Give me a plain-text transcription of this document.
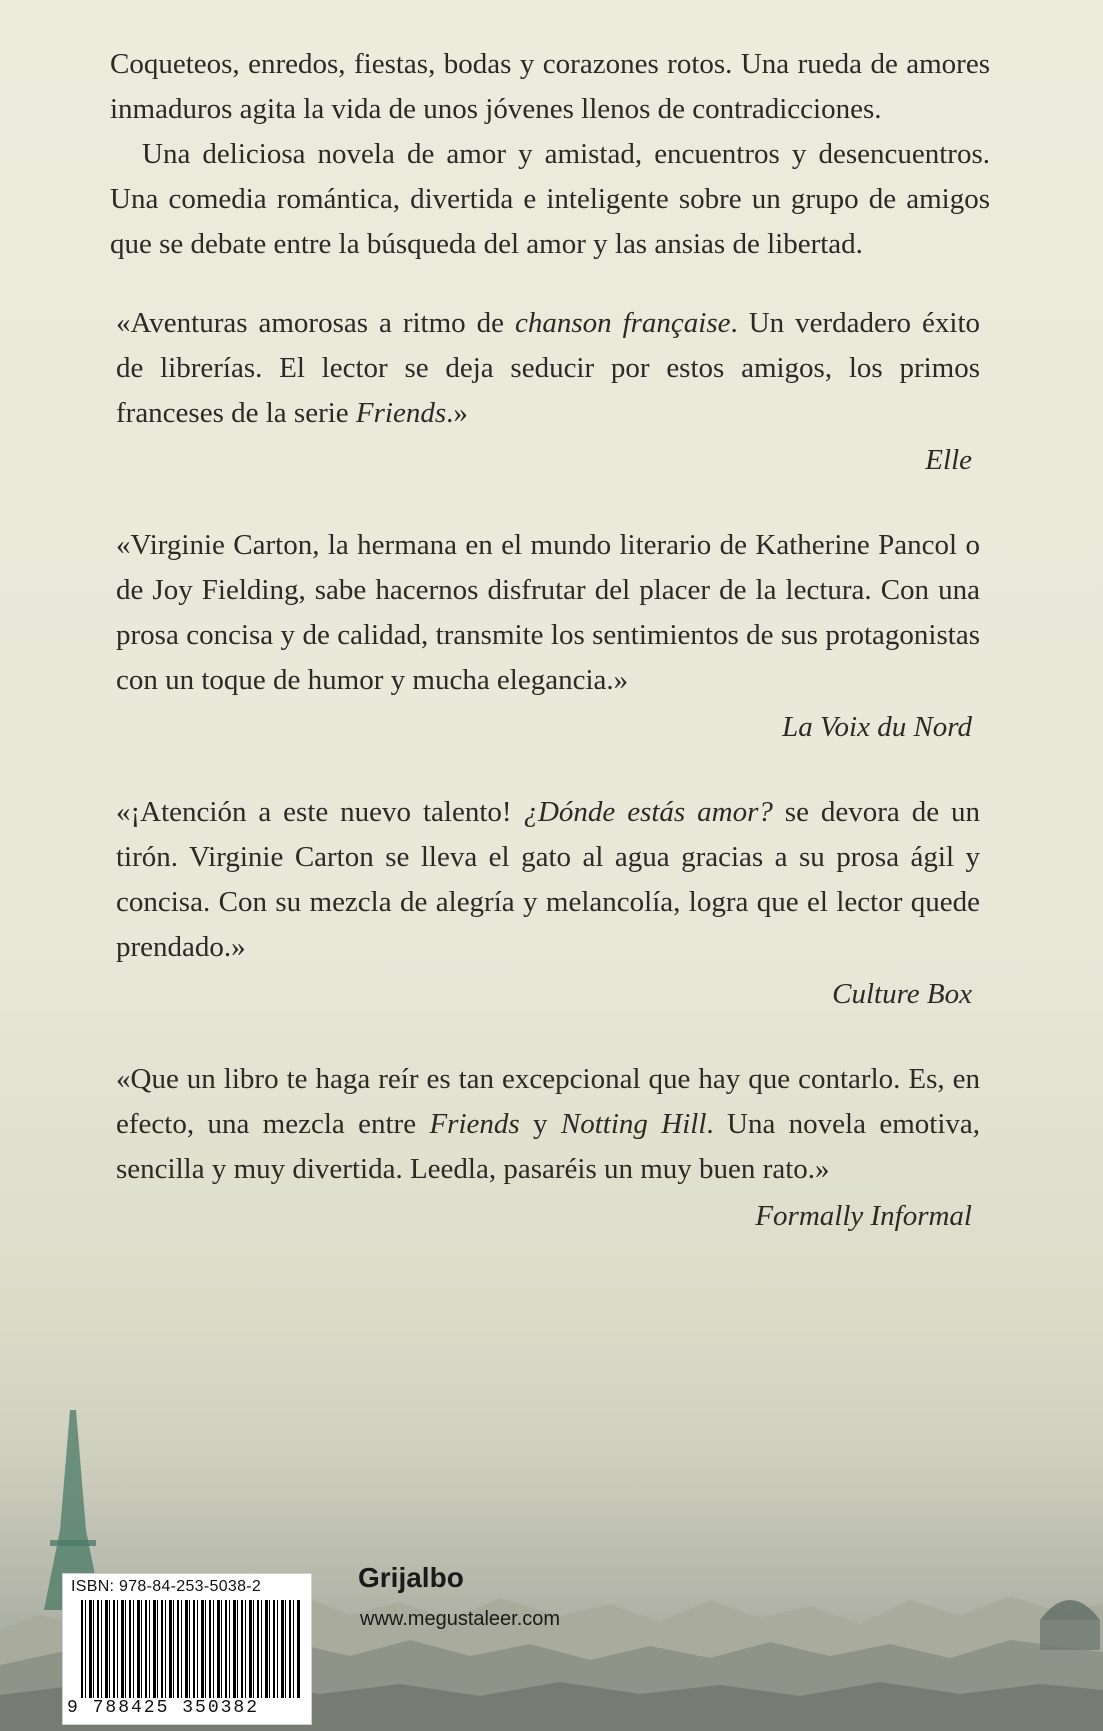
Coqueteos, enredos, fiestas, bodas y corazones rotos. Una rueda de amores inmaduros agita la vida de unos jóvenes llenos de contradicciones.

Una deliciosa novela de amor y amistad, encuentros y desencuentros. Una comedia romántica, divertida e inteligente sobre un grupo de amigos que se debate entre la búsqueda del amor y las ansias de libertad.

«Aventuras amorosas a ritmo de chanson française. Un verdadero éxito de librerías. El lector se deja seducir por estos amigos, los primos franceses de la serie Friends.»

Elle

«Virginie Carton, la hermana en el mundo literario de Katherine Pancol o de Joy Fielding, sabe hacernos disfrutar del placer de la lectura. Con una prosa concisa y de calidad, transmite los sentimientos de sus protagonistas con un toque de humor y mucha elegancia.»

La Voix du Nord

«¡Atención a este nuevo talento! ¿Dónde estás amor? se devora de un tirón. Virginie Carton se lleva el gato al agua gracias a su prosa ágil y concisa. Con su mezcla de alegría y melancolía, logra que el lector quede prendado.»

Culture Box

«Que un libro te haga reír es tan excepcional que hay que contarlo. Es, en efecto, una mezcla entre Friends y Notting Hill. Una novela emotiva, sencilla y muy divertida. Leedla, pasaréis un muy buen rato.»

Formally Informal
ISBN: 978-84-253-5038-2
9 788425 350382
Grijalbo
www.megustaleer.com
